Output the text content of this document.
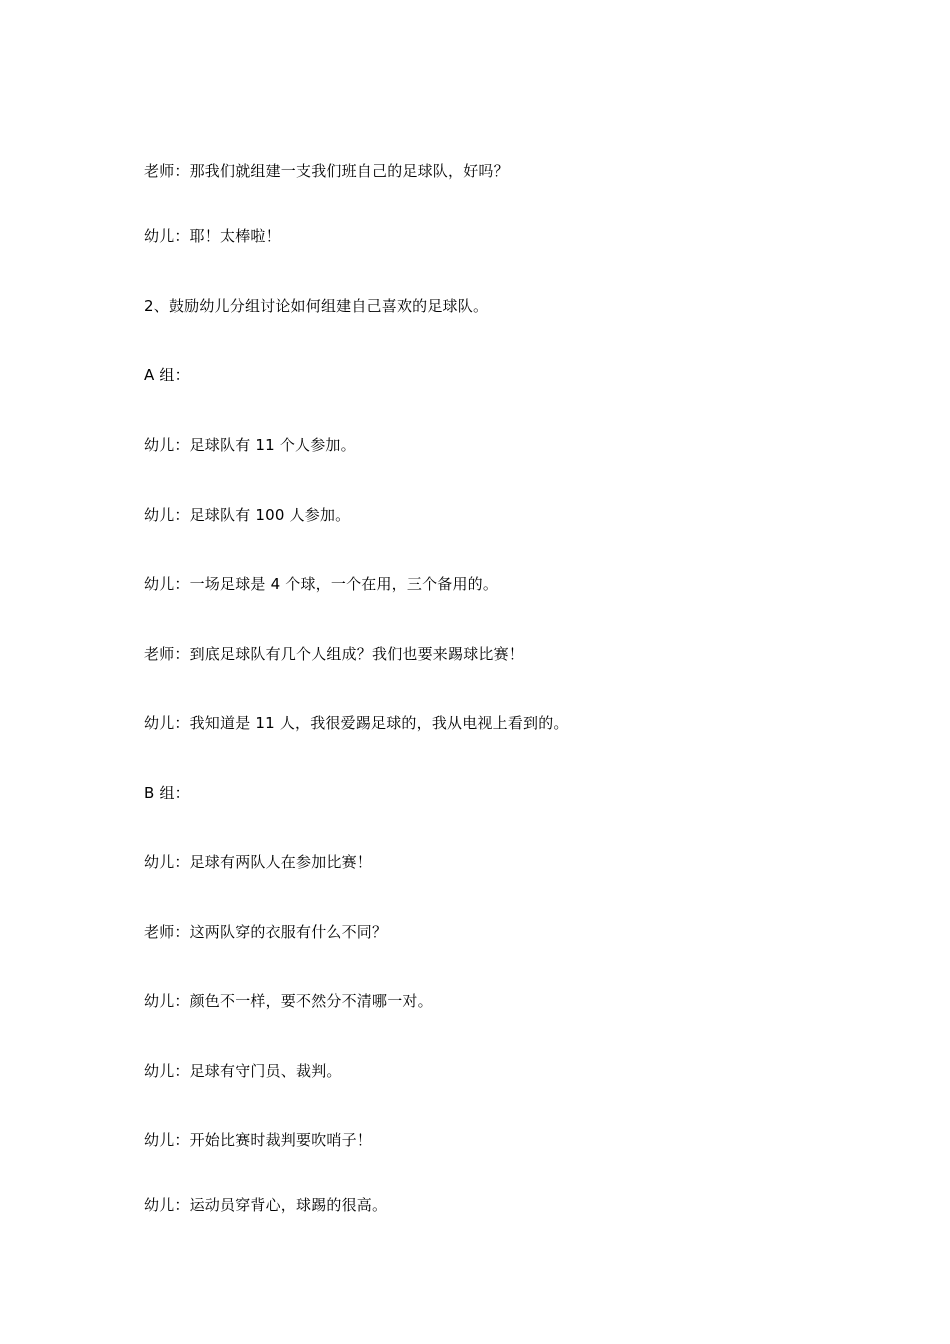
老师：那我们就组建一支我们班自己的足球队，好吗？
幼儿：耶！太棒啦！
2、鼓励幼儿分组讨论如何组建自己喜欢的足球队。
A 组：
幼儿：足球队有 11 个人参加。
幼儿：足球队有 100 人参加。
幼儿：一场足球是 4 个球，一个在用，三个备用的。
老师：到底足球队有几个人组成？我们也要来踢球比赛！
幼儿：我知道是 11 人，我很爱踢足球的，我从电视上看到的。
B 组：
幼儿：足球有两队人在参加比赛！
老师：这两队穿的衣服有什么不同？
幼儿：颜色不一样，要不然分不清哪一对。
幼儿：足球有守门员、裁判。
幼儿：开始比赛时裁判要吹哨子！
幼儿：运动员穿背心，球踢的很高。
